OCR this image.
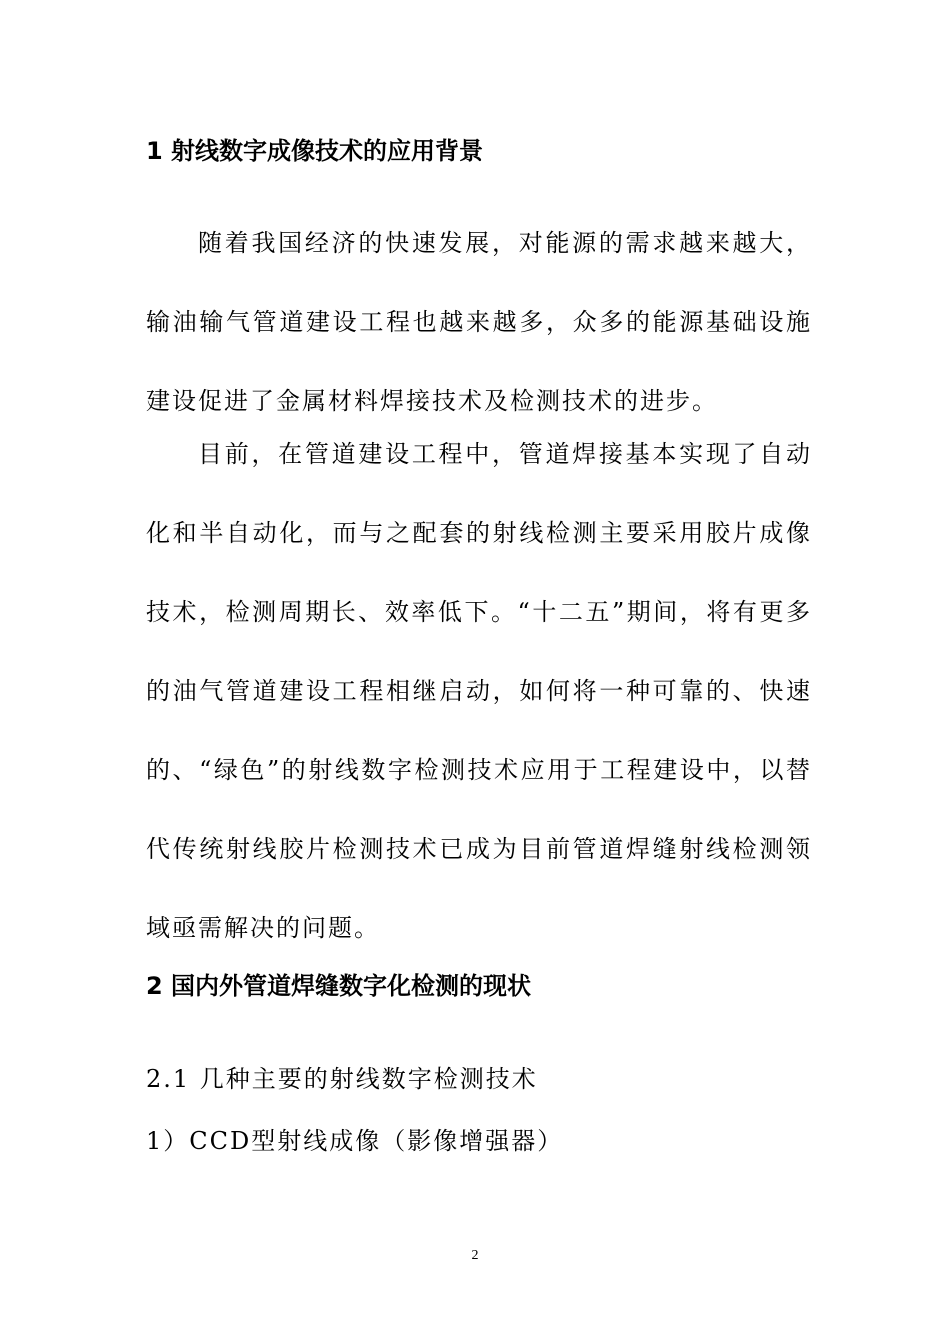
1 射线数字成像技术的应用背景

随着我国经济的快速发展，对能源的需求越来越大，输油输气管道建设工程也越来越多，众多的能源基础设施建设促进了金属材料焊接技术及检测技术的进步。

目前，在管道建设工程中，管道焊接基本实现了自动化和半自动化，而与之配套的射线检测主要采用胶片成像技术，检测周期长、效率低下。“十二五”期间，将有更多的油气管道建设工程相继启动，如何将一种可靠的、快速的、“绿色”的射线数字检测技术应用于工程建设中，以替代传统射线胶片检测技术已成为目前管道焊缝射线检测领域亟需解决的问题。

2 国内外管道焊缝数字化检测的现状
2.1 几种主要的射线数字检测技术
1）CCD型射线成像（影像增强器）
2
